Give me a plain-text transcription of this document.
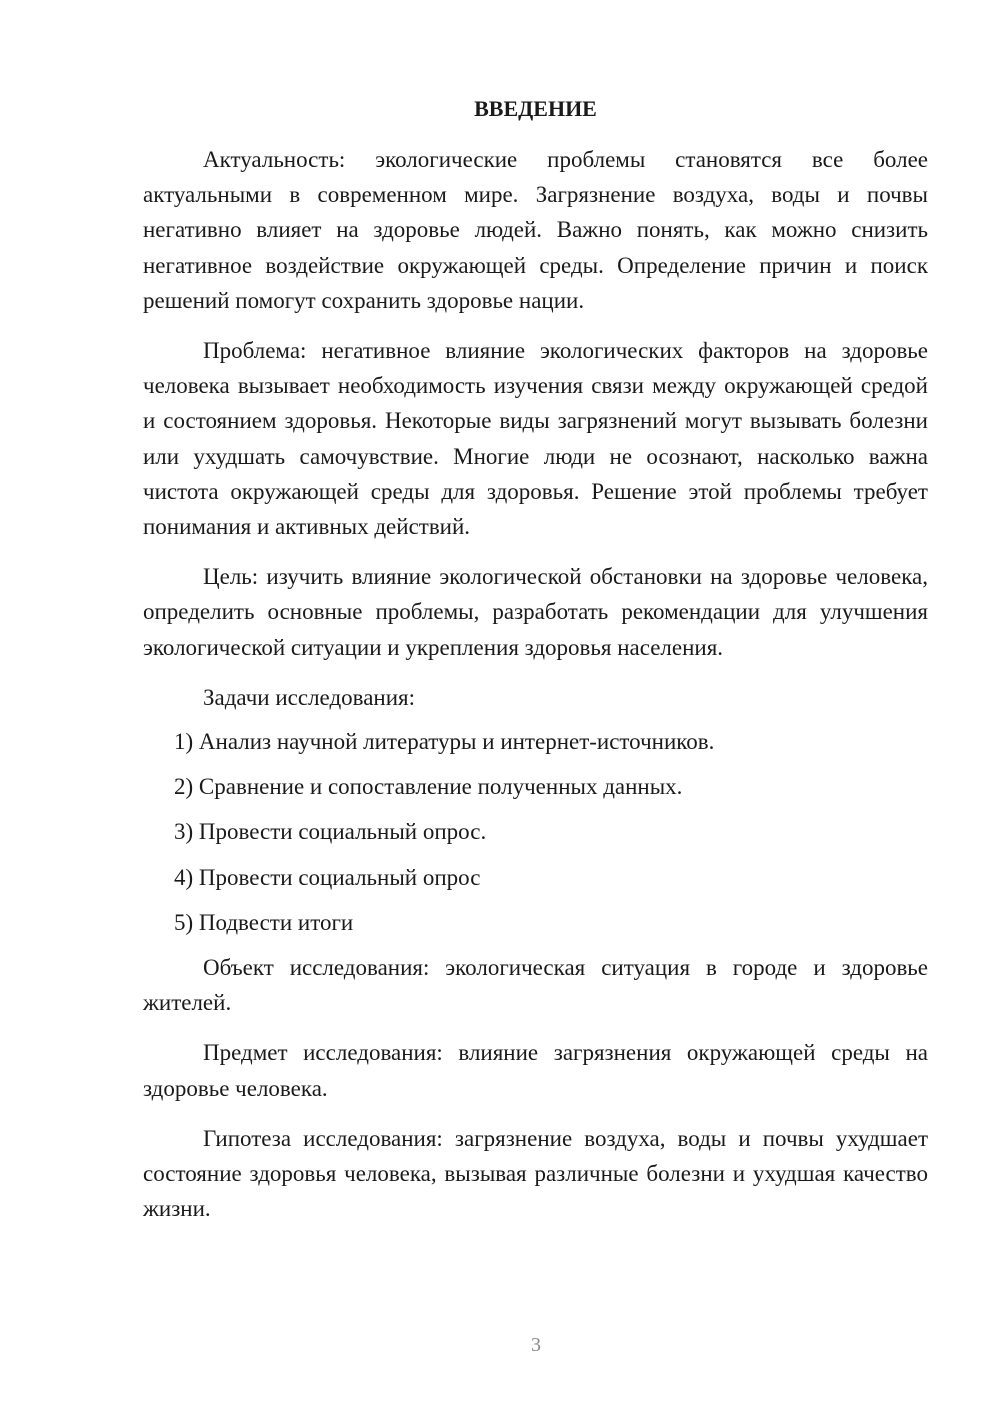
ВВЕДЕНИЕ

Актуальность: экологические проблемы становятся все более актуальными в современном мире. Загрязнение воздуха, воды и почвы негативно влияет на здоровье людей. Важно понять, как можно снизить негативное воздействие окружающей среды. Определение причин и поиск решений помогут сохранить здоровье нации.

Проблема: негативное влияние экологических факторов на здоровье человека вызывает необходимость изучения связи между окружающей средой и состоянием здоровья. Некоторые виды загрязнений могут вызывать болезни или ухудшать самочувствие. Многие люди не осознают, насколько важна чистота окружающей среды для здоровья. Решение этой проблемы требует понимания и активных действий.

Цель: изучить влияние экологической обстановки на здоровье человека, определить основные проблемы, разработать рекомендации для улучшения экологической ситуации и укрепления здоровья населения.

Задачи исследования:

1) Анализ научной литературы и интернет-источников.
2) Сравнение и сопоставление полученных данных.
3) Провести социальный опрос.
4) Провести социальный опрос
5) Подвести итоги

Объект исследования: экологическая ситуация в городе и здоровье жителей.

Предмет исследования: влияние загрязнения окружающей среды на здоровье человека.

Гипотеза исследования: загрязнение воздуха, воды и почвы ухудшает состояние здоровья человека, вызывая различные болезни и ухудшая качество жизни.

3
